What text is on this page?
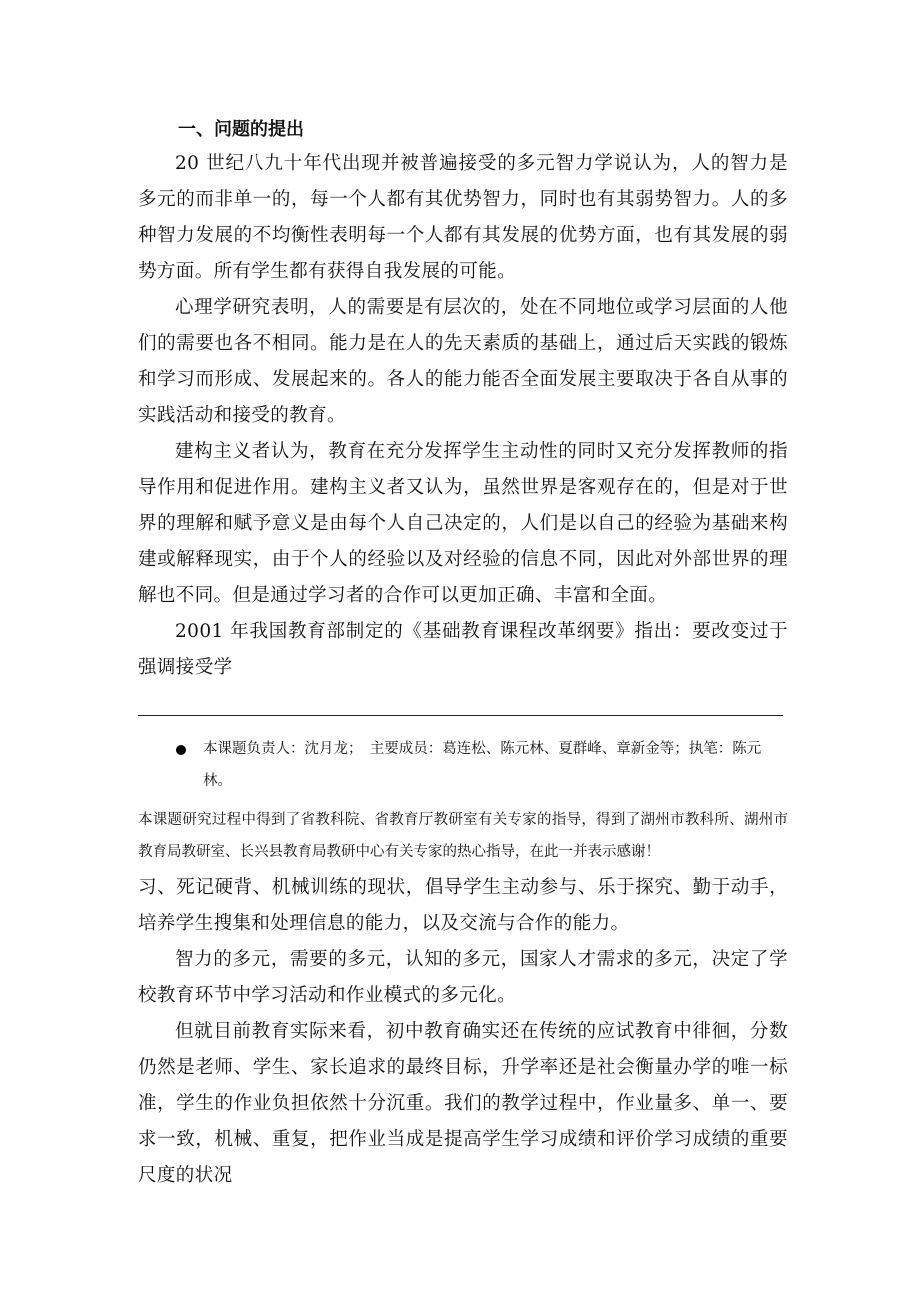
一、问题的提出

20 世纪八九十年代出现并被普遍接受的多元智力学说认为，人的智力是多元的而非单一的，每一个人都有其优势智力，同时也有其弱势智力。人的多种智力发展的不均衡性表明每一个人都有其发展的优势方面，也有其发展的弱势方面。所有学生都有获得自我发展的可能。

心理学研究表明，人的需要是有层次的，处在不同地位或学习层面的人他们的需要也各不相同。能力是在人的先天素质的基础上，通过后天实践的锻炼和学习而形成、发展起来的。各人的能力能否全面发展主要取决于各自从事的实践活动和接受的教育。

建构主义者认为，教育在充分发挥学生主动性的同时又充分发挥教师的指导作用和促进作用。建构主义者又认为，虽然世界是客观存在的，但是对于世界的理解和赋予意义是由每个人自己决定的，人们是以自己的经验为基础来构建或解释现实，由于个人的经验以及对经验的信息不同，因此对外部世界的理解也不同。但是通过学习者的合作可以更加正确、丰富和全面。

2001 年我国教育部制定的《基础教育课程改革纲要》指出：要改变过于强调接受学

本课题负责人：沈月龙；　主要成员：葛连松、陈元林、夏群峰、章新金等；执笔：陈元林。
本课题研究过程中得到了省教科院、省教育厅教研室有关专家的指导，得到了湖州市教科所、湖州市教育局教研室、长兴县教育局教研中心有关专家的热心指导，在此一并表示感谢！

习、死记硬背、机械训练的现状，倡导学生主动参与、乐于探究、勤于动手，培养学生搜集和处理信息的能力，以及交流与合作的能力。

智力的多元，需要的多元，认知的多元，国家人才需求的多元，决定了学校教育环节中学习活动和作业模式的多元化。

但就目前教育实际来看，初中教育确实还在传统的应试教育中徘徊，分数仍然是老师、学生、家长追求的最终目标，升学率还是社会衡量办学的唯一标准，学生的作业负担依然十分沉重。我们的教学过程中，作业量多、单一、要求一致，机械、重复，把作业当成是提高学生学习成绩和评价学习成绩的重要尺度的状况
